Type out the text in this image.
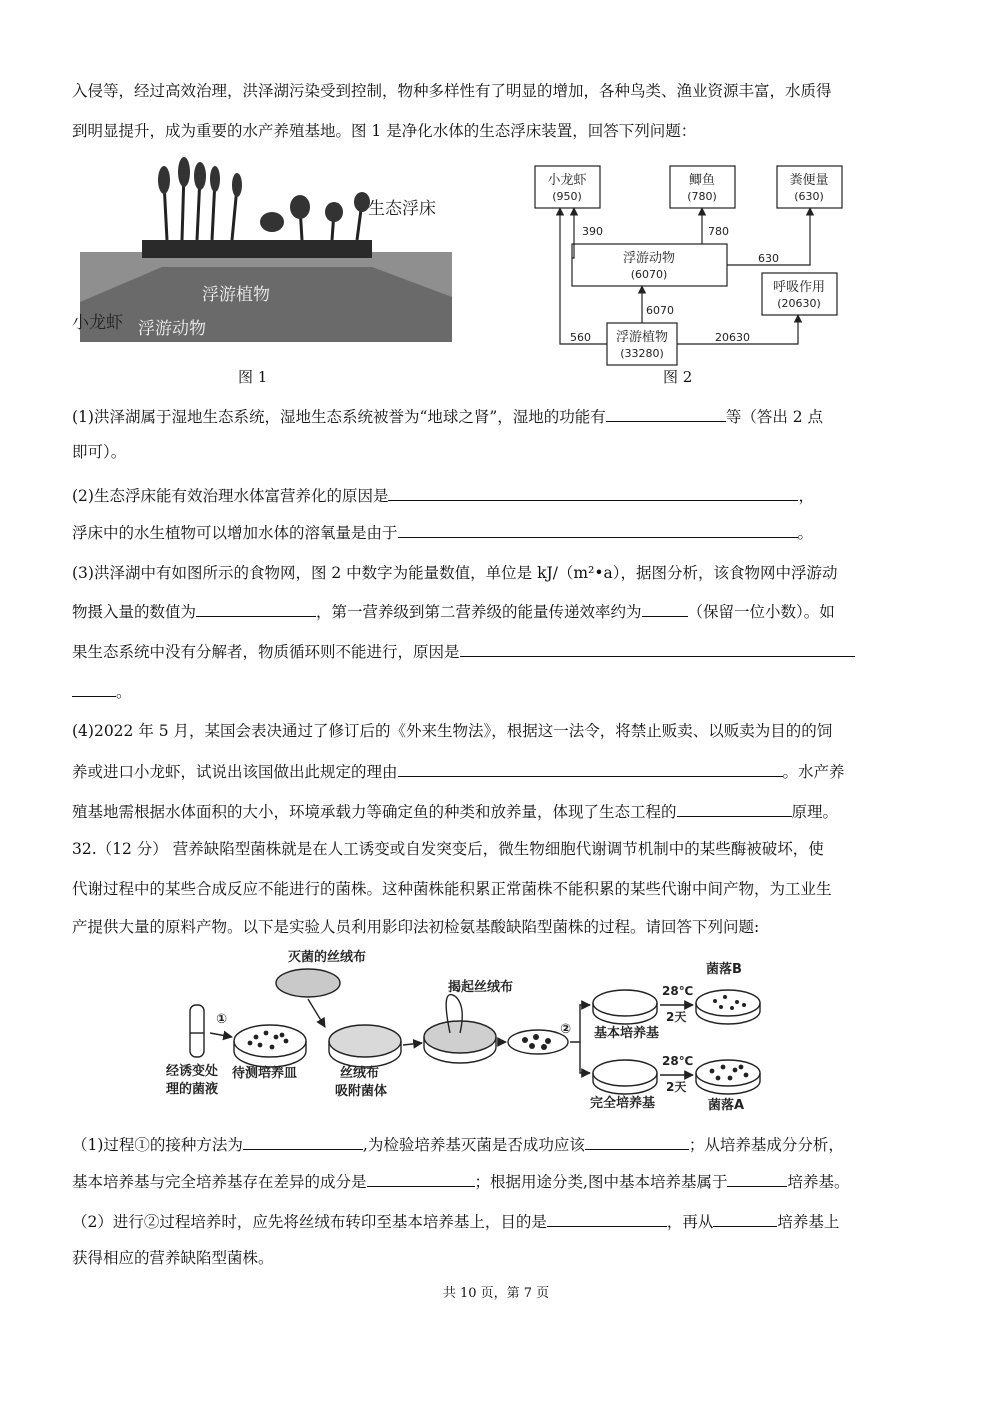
入侵等，经过高效治理，洪泽湖污染受到控制，物种多样性有了明显的增加，各种鸟类、渔业资源丰富，水质得
到明显提升，成为重要的水产养殖基地。图 1 是净化水体的生态浮床装置，回答下列问题：
生态浮床
浮游植物
小龙虾 浮游动物
图 1
小龙虾
(950)
鲫鱼
(780)
粪便量
(630)
浮游动物
(6070)
呼吸作用
(20630)
浮游植物
(33280)
390	780
630
6070
560	20630
图 2
(1)洪泽湖属于湿地生态系统，湿地生态系统被誉为“地球之肾”，湿地的功能有	等（答出 2 点
即可）。
(2)生态浮床能有效治理水体富营养化的原因是	，
浮床中的水生植物可以增加水体的溶氧量是由于	。
(3)洪泽湖中有如图所示的食物网，图 2 中数字为能量数值，单位是 kJ/（m²•a），据图分析，该食物网中浮游动
物摄入量的数值为	，第一营养级到第二营养级的能量传递效率约为	（保留一位小数）。如
果生态系统中没有分解者，物质循环则不能进行，原因是
。
(4)2022 年 5 月，某国会表决通过了修订后的《外来生物法》，根据这一法令，将禁止贩卖、以贩卖为目的的饲
养或进口小龙虾，试说出该国做出此规定的理由	。水产养
殖基地需根据水体面积的大小，环境承载力等确定鱼的种类和放养量，体现了生态工程的	原理。
32.（12 分） 营养缺陷型菌株就是在人工诱变或自发突变后，微生物细胞代谢调节机制中的某些酶被破坏，使
代谢过程中的某些合成反应不能进行的菌株。这种菌株能积累正常菌株不能积累的某些代谢中间产物，为工业生
产提供大量的原料产物。以下是实验人员利用影印法初检氨基酸缺陷型菌株的过程。请回答下列问题:
灭菌的丝绒布
①
②
经诱变处
理的菌液
待测培养皿	丝绒布
吸附菌体
揭起丝绒布
基本培养基
完全培养基
28℃
2天
28℃
2天
菌落B
菌落A
（1)过程①的接种方法为	,为检验培养基灭菌是否成功应该	；从培养基成分分析，
基本培养基与完全培养基存在差异的成分是	；根据用途分类,图中基本培养基属于	培养基。
（2）进行②过程培养时，应先将丝绒布转印至基本培养基上，目的是	，再从	培养基上
获得相应的营养缺陷型菌株。
共 10 页，第 7 页
